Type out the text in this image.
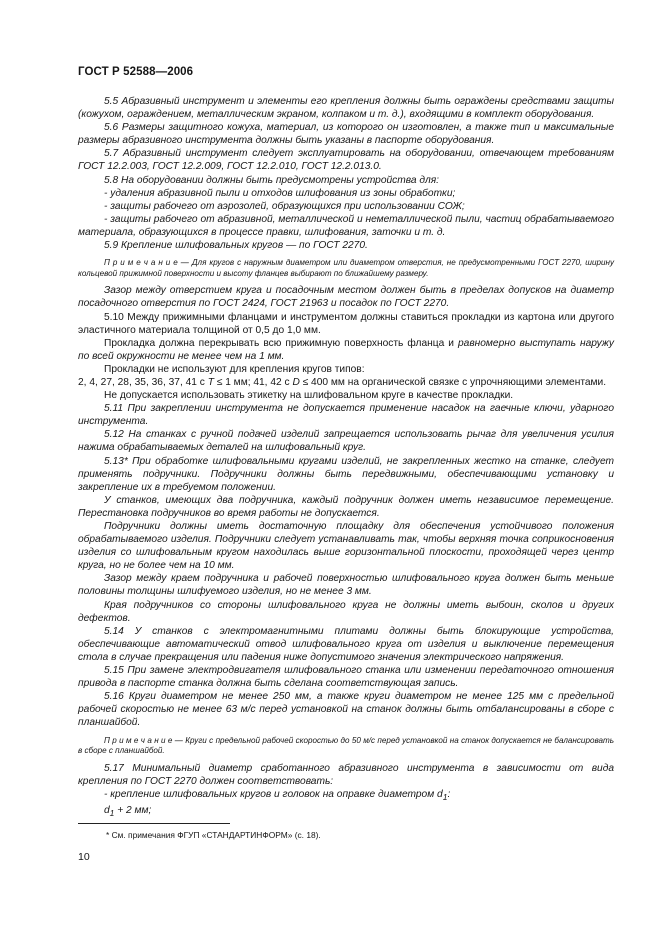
ГОСТ Р 52588—2006

5.5 Абразивный инструмент и элементы его крепления должны быть ограждены средствами защиты (кожухом, ограждением, металлическим экраном, колпаком и т. д.), входящими в комплект оборудования.

5.6 Размеры защитного кожуха, материал, из которого он изготовлен, а также тип и максимальные размеры абразивного инструмента должны быть указаны в паспорте оборудования.

5.7 Абразивный инструмент следует эксплуатировать на оборудовании, отвечающем требованиям ГОСТ 12.2.003, ГОСТ 12.2.009, ГОСТ 12.2.010, ГОСТ 12.2.013.0.

5.8 На оборудовании должны быть предусмотрены устройства для:

- удаления абразивной пыли и отходов шлифования из зоны обработки;

- защиты рабочего от аэрозолей, образующихся при использовании СОЖ;

- защиты рабочего от абразивной, металлической и неметаллической пыли, частиц обрабатываемого материала, образующихся в процессе правки, шлифования, заточки и т. д.

5.9 Крепление шлифовальных кругов — по ГОСТ 2270.

П р и м е ч а н и е — Для кругов с наружным диаметром или диаметром отверстия, не предусмотренными ГОСТ 2270, ширину кольцевой прижимной поверхности и высоту фланцев выбирают по ближайшему размеру.

Зазор между отверстием круга и посадочным местом должен быть в пределах допусков на диаметр посадочного отверстия по ГОСТ 2424, ГОСТ 21963 и посадок по ГОСТ 2270.

5.10 Между прижимными фланцами и инструментом должны ставиться прокладки из картона или другого эластичного материала толщиной от 0,5 до 1,0 мм.

Прокладка должна перекрывать всю прижимную поверхность фланца и равномерно выступать наружу по всей окружности не менее чем на 1 мм.

Прокладки не используют для крепления кругов типов:

2, 4, 27, 28, 35, 36, 37, 41 с T ≤ 1 мм; 41, 42 с D ≤ 400 мм на органической связке с упрочняющими элементами.

Не допускается использовать этикетку на шлифовальном круге в качестве прокладки.

5.11 При закреплении инструмента не допускается применение насадок на гаечные ключи, ударного инструмента.

5.12 На станках с ручной подачей изделий запрещается использовать рычаг для увеличения усилия нажима обрабатываемых деталей на шлифовальный круг.

5.13* При обработке шлифовальными кругами изделий, не закрепленных жестко на станке, следует применять подручники. Подручники должны быть передвижными, обеспечивающими установку и закрепление их в требуемом положении.

У станков, имеющих два подручника, каждый подручник должен иметь независимое перемещение. Перестановка подручников во время работы не допускается.

Подручники должны иметь достаточную площадку для обеспечения устойчивого положения обрабатываемого изделия. Подручники следует устанавливать так, чтобы верхняя точка соприкосновения изделия со шлифовальным кругом находилась выше горизонтальной плоскости, проходящей через центр круга, но не более чем на 10 мм.

Зазор между краем подручника и рабочей поверхностью шлифовального круга должен быть меньше половины толщины шлифуемого изделия, но не менее 3 мм.

Края подручников со стороны шлифовального круга не должны иметь выбоин, сколов и других дефектов.

5.14 У станков с электромагнитными плитами должны быть блокирующие устройства, обеспечивающие автоматический отвод шлифовального круга от изделия и выключение перемещения стола в случае прекращения или падения ниже допустимого значения электрического напряжения.

5.15 При замене электродвигателя шлифовального станка или изменении передаточного отношения привода в паспорте станка должна быть сделана соответствующая запись.

5.16 Круги диаметром не менее 250 мм, а также круги диаметром не менее 125 мм с предельной рабочей скоростью не менее 63 м/с перед установкой на станок должны быть отбалансированы в сборе с планшайбой.

П р и м е ч а н и е — Круги с предельной рабочей скоростью до 50 м/с перед установкой на станок допускается не балансировать в сборе с планшайбой.

5.17 Минимальный диаметр сработанного абразивного инструмента в зависимости от вида крепления по ГОСТ 2270 должен соответствовать:

- крепление шлифовальных кругов и головок на оправке диаметром $d_1$:

$d_1 + 2$ мм;

* См. примечания ФГУП «СТАНДАРТИНФОРМ» (с. 18).
10
